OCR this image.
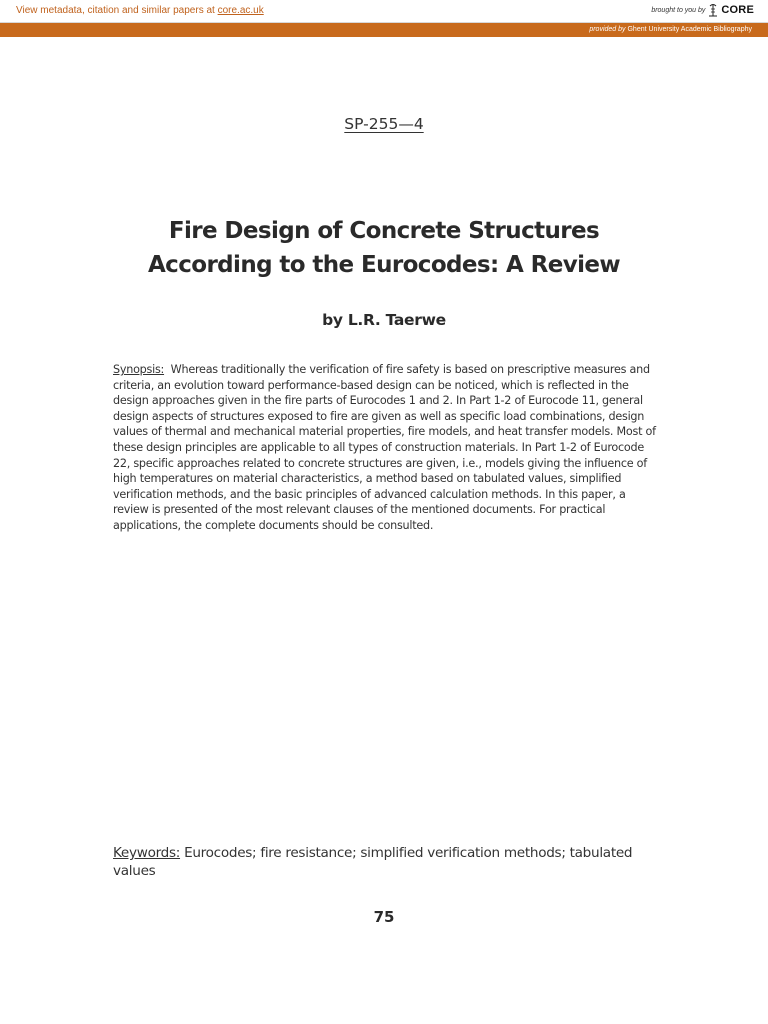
View metadata, citation and similar papers at core.ac.uk	brought to you by CORE
provided by Ghent University Academic Bibliography
SP-255—4
Fire Design of Concrete Structures
According to the Eurocodes: A Review
by L.R. Taerwe
Synopsis: Whereas traditionally the verification of fire safety is based on prescriptive measures and criteria, an evolution toward performance-based design can be noticed, which is reflected in the design approaches given in the fire parts of Eurocodes 1 and 2. In Part 1-2 of Eurocode 11, general design aspects of structures exposed to fire are given as well as specific load combinations, design values of thermal and mechanical material properties, fire models, and heat transfer models. Most of these design principles are applicable to all types of construction materials. In Part 1-2 of Eurocode 22, specific approaches related to concrete structures are given, i.e., models giving the influence of high temperatures on material characteristics, a method based on tabulated values, simplified verification methods, and the basic principles of advanced calculation methods. In this paper, a review is presented of the most relevant clauses of the mentioned documents. For practical applications, the complete documents should be consulted.
Keywords: Eurocodes; fire resistance; simplified verification methods; tabulated values
75
